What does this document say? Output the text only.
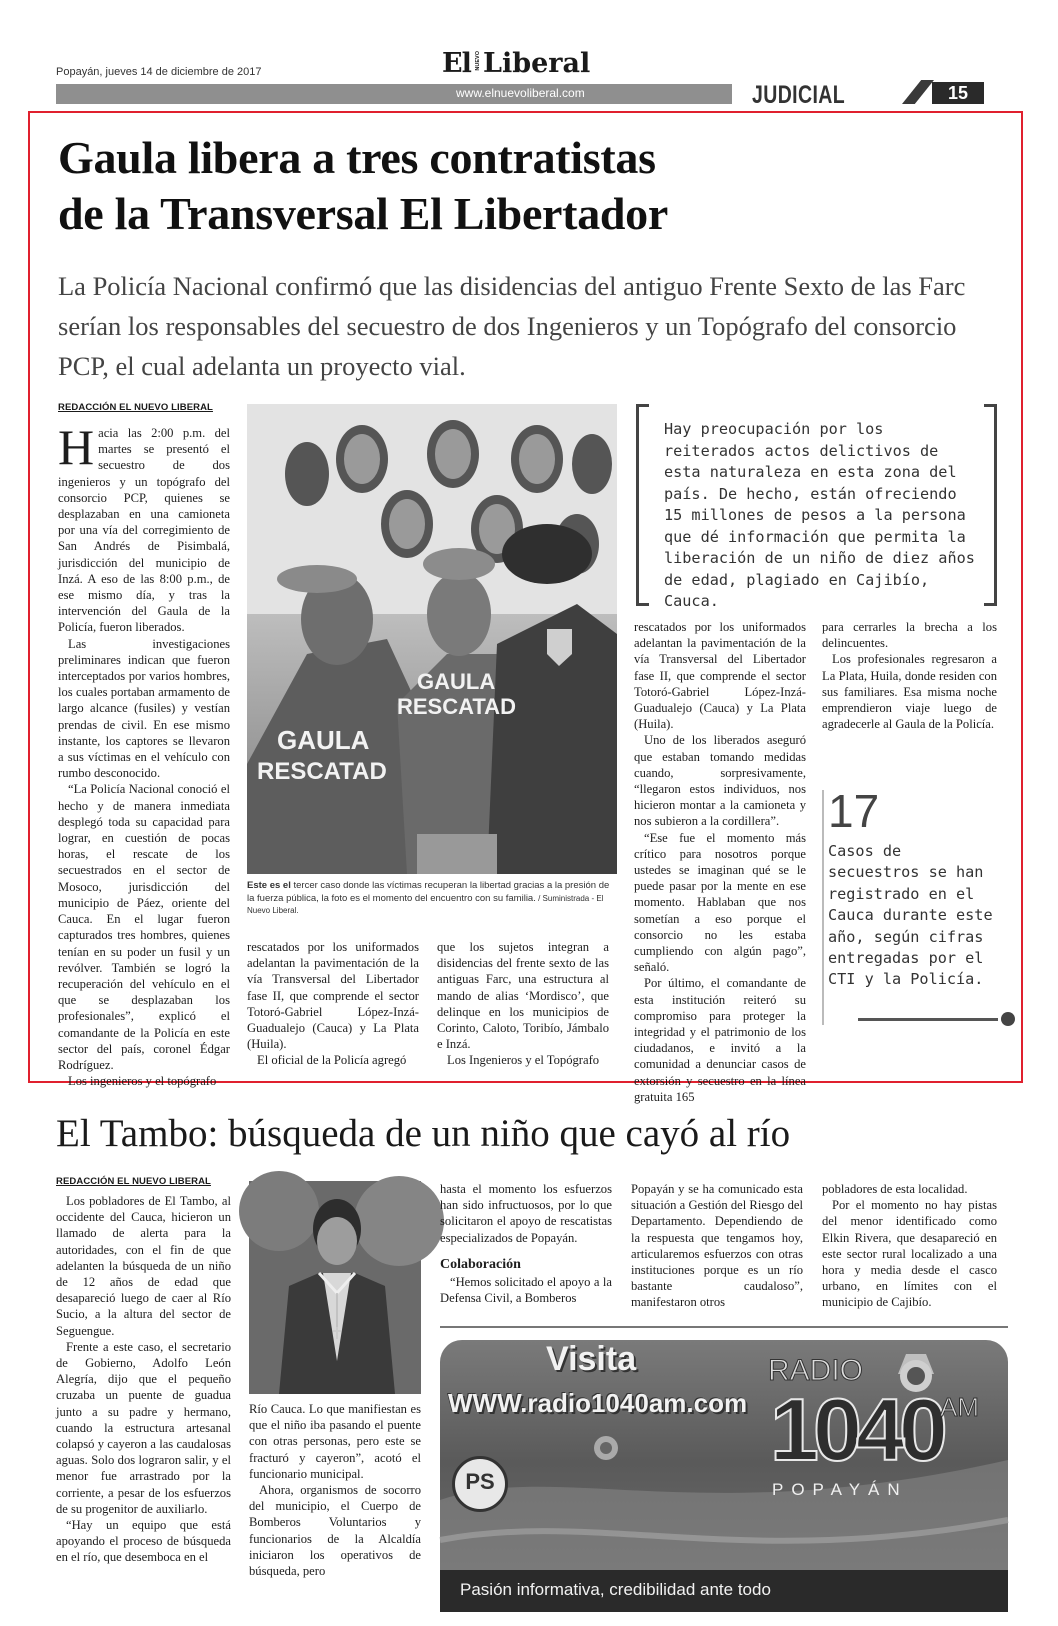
Popayán, jueves 14 de diciembre de 2017	El NUEVO Liberal
www.elnuevoliberal.com	JUDICIAL	15
Gaula libera a tres contratistas
de la Transversal El Libertador
La Policía Nacional confirmó que las disidencias del antiguo Frente Sexto de las Farc serían los responsables del secuestro de dos Ingenieros y un Topógrafo del consorcio PCP, el cual adelanta un proyecto vial.
REDACCIÓN EL NUEVO LIBERAL

Hacia las 2:00 p.m. del martes se presentó el secuestro de dos ingenieros y un topógrafo del consorcio PCP, quienes se desplazaban en una camioneta por una vía del corregimiento de San Andrés de Pisimbalá, jurisdicción del municipio de Inzá. A eso de las 8:00 p.m., de ese mismo día, y tras la intervención del Gaula de la Policía, fueron liberados.

Las investigaciones preliminares indican que fueron interceptados por varios hombres, los cuales portaban armamento de largo alcance (fusiles) y vestían prendas de civil. En ese mismo instante, los captores se llevaron a sus víctimas en el vehículo con rumbo desconocido.

“La Policía Nacional conoció el hecho y de manera inmediata desplegó toda su capacidad para lograr, en cuestión de pocas horas, el rescate de los secuestrados en el sector de Mosoco, jurisdicción del municipio de Páez, oriente del Cauca. En el lugar fueron capturados tres hombres, quienes tenían en su poder un fusil y un revólver. También se logró la recuperación del vehículo en el que se desplazaban los profesionales”, explicó el comandante de la Policía en este sector del país, coronel Édgar Rodríguez.

Los ingenieros y el topógrafo

GAULA
RESCATAD
GAULA
RESCATAD
Este es el tercer caso donde las víctimas recuperan la libertad gracias a la presión de la fuerza pública, la foto es el momento del encuentro con su familia. / Suministrada - El Nuevo Liberal.

rescatados por los uniformados adelantan la pavimentación de la vía Transversal del Libertador fase II, que comprende el sector Totoró-Gabriel López-Inzá-Guadualejo (Cauca) y La Plata (Huila).

El oficial de la Policía agregó

que los sujetos integran a disidencias del frente sexto de las antiguas Farc, una estructura al mando de alias ‘Mordisco’, que delinque en los municipios de Corinto, Caloto, Toribío, Jámbalo e Inzá.

Los Ingenieros y el Topógrafo

Hay preocupación por los reiterados actos delictivos de esta naturaleza en esta zona del país. De hecho, están ofreciendo 15 millones de pesos a la persona que dé información que permita la liberación de un niño de diez años de edad, plagiado en Cajibío, Cauca.

rescatados por los uniformados adelantan la pavimentación de la vía Transversal del Libertador fase II, que comprende el sector Totoró-Gabriel López-Inzá-Guadualejo (Cauca) y La Plata (Huila).

Uno de los liberados aseguró que estaban tomando medidas cuando, sorpresivamente, “llegaron estos individuos, nos hicieron montar a la camioneta y nos subieron a la cordillera”.

“Ese fue el momento más crítico para nosotros porque ustedes se imaginan qué se le puede pasar por la mente en ese momento. Hablaban que nos sometían a eso porque el consorcio no les estaba cumpliendo con algún pago”, señaló.

Por último, el comandante de esta institución reiteró su compromiso para proteger la integridad y el patrimonio de los ciudadanos, e invitó a la comunidad a denunciar casos de extorsión y secuestro en la línea gratuita 165

para cerrarles la brecha a los delincuentes.

Los profesionales regresaron a La Plata, Huila, donde residen con sus familiares. Esa misma noche emprendieron viaje luego de agradecerle al Gaula de la Policía.

17
Casos de secuestros se han registrado en el Cauca durante este año, según cifras entregadas por el CTI y la Policía.
El Tambo: búsqueda de un niño que cayó al río
REDACCIÓN EL NUEVO LIBERAL

Los pobladores de El Tambo, al occidente del Cauca, hicieron un llamado de alerta para la autoridades, con el fin de que adelanten la búsqueda de un niño de 12 años de edad que desapareció luego de caer al Río Sucio, a la altura del sector de Seguengue.

Frente a este caso, el secretario de Gobierno, Adolfo León Alegría, dijo que el pequeño cruzaba un puente de guadua junto a su padre y hermano, cuando la estructura artesanal colapsó y cayeron a las caudalosas aguas. Solo dos lograron salir, y el menor fue arrastrado por la corriente, a pesar de los esfuerzos de su progenitor de auxiliarlo.

“Hay un equipo que está apoyando el proceso de búsqueda en el río, que desemboca en el

Río Cauca. Lo que manifiestan es que el niño iba pasando el puente con otras personas, pero este se fracturó y cayeron”, acotó el funcionario municipal.

Ahora, organismos de socorro del municipio, el Cuerpo de Bomberos Voluntarios y funcionarios de la Alcaldía iniciaron los operativos de búsqueda, pero

hasta el momento los esfuerzos han sido infructuosos, por lo que solicitaron el apoyo de rescatistas especializados de Popayán.

Colaboración

“Hemos solicitado el apoyo a la Defensa Civil, a Bomberos

Popayán y se ha comunicado esta situación a Gestión del Riesgo del Departamento. Dependiendo de la respuesta que tengamos hoy, articularemos esfuerzos con otras instituciones porque es un río bastante caudaloso”, manifestaron otros

pobladores de esta localidad.

Por el momento no hay pistas del menor identificado como Elkin Rivera, que desapareció en este sector rural localizado a una hora y media desde el casco urbano, en límites con el municipio de Cajibío.

Visita
WWW.radio1040am.com
RADIO
1040
AM
POPAYÁN
PS
Pasión informativa, credibilidad ante todo
